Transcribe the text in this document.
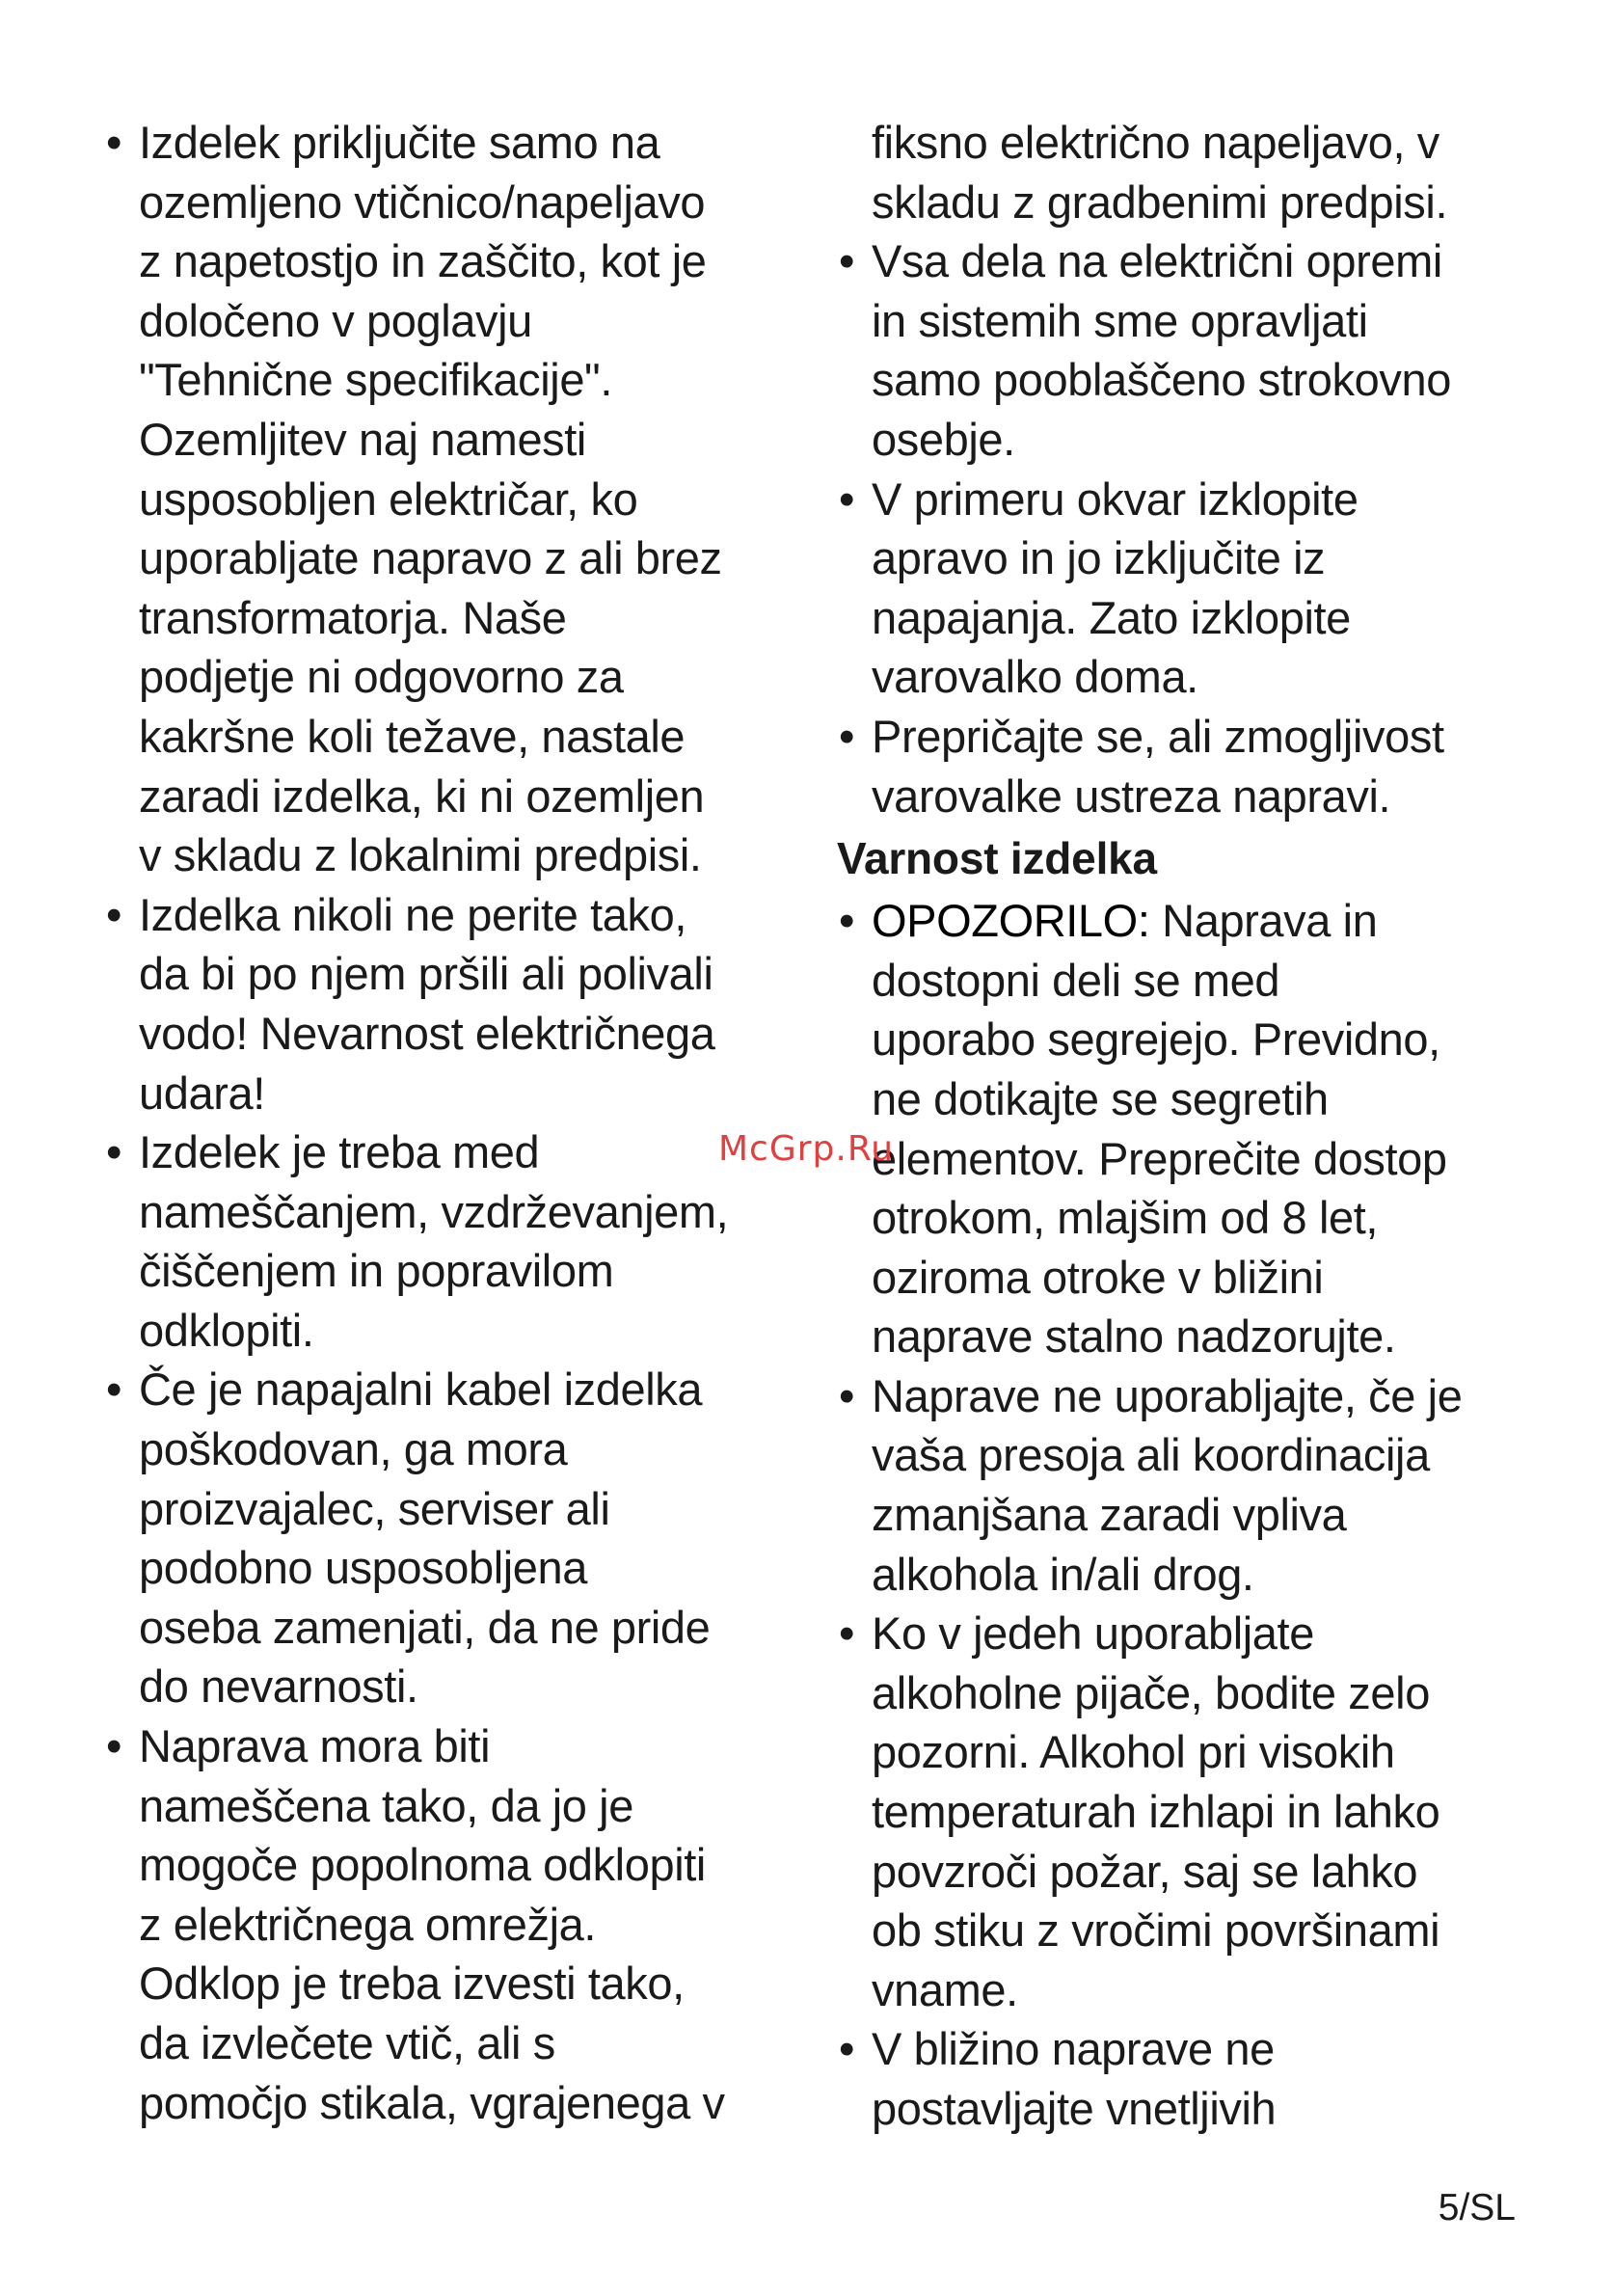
• Izdelek priključite samo na
ozemljeno vtičnico/napeljavo
z napetostjo in zaščito, kot je
določeno v poglavju
"Tehnične specifikacije".
Ozemljitev naj namesti
usposobljen električar, ko
uporabljate napravo z ali brez
transformatorja. Naše
podjetje ni odgovorno za
kakršne koli težave, nastale
zaradi izdelka, ki ni ozemljen
v skladu z lokalnimi predpisi.
• Izdelka nikoli ne perite tako,
da bi po njem pršili ali polivali
vodo! Nevarnost električnega
udara!
• Izdelek je treba med
nameščanjem, vzdrževanjem,
čiščenjem in popravilom
odklopiti.
• Če je napajalni kabel izdelka
poškodovan, ga mora
proizvajalec, serviser ali
podobno usposobljena
oseba zamenjati, da ne pride
do nevarnosti.
• Naprava mora biti
nameščena tako, da jo je
mogoče popolnoma odklopiti
z električnega omrežja.
Odklop je treba izvesti tako,
da izvlečete vtič, ali s
pomočjo stikala, vgrajenega v
fiksno električno napeljavo, v
skladu z gradbenimi predpisi.
• Vsa dela na električni opremi
in sistemih sme opravljati
samo pooblaščeno strokovno
osebje.
• V primeru okvar izklopite
apravo in jo izključite iz
napajanja. Zato izklopite
varovalko doma.
• Prepričajte se, ali zmogljivost
varovalke ustreza napravi.
Varnost izdelka
• OPOZORILO: Naprava in
dostopni deli se med
uporabo segrejejo. Previdno,
ne dotikajte se segretih
elementov. Preprečite dostop
otrokom, mlajšim od 8 let,
oziroma otroke v bližini
naprave stalno nadzorujte.
• Naprave ne uporabljajte, če je
vaša presoja ali koordinacija
zmanjšana zaradi vpliva
alkohola in/ali drog.
• Ko v jedeh uporabljate
alkoholne pijače, bodite zelo
pozorni. Alkohol pri visokih
temperaturah izhlapi in lahko
povzroči požar, saj se lahko
ob stiku z vročimi površinami
vname.
• V bližino naprave ne
postavljajte vnetljivih
McGrp.Ru
5/SL
